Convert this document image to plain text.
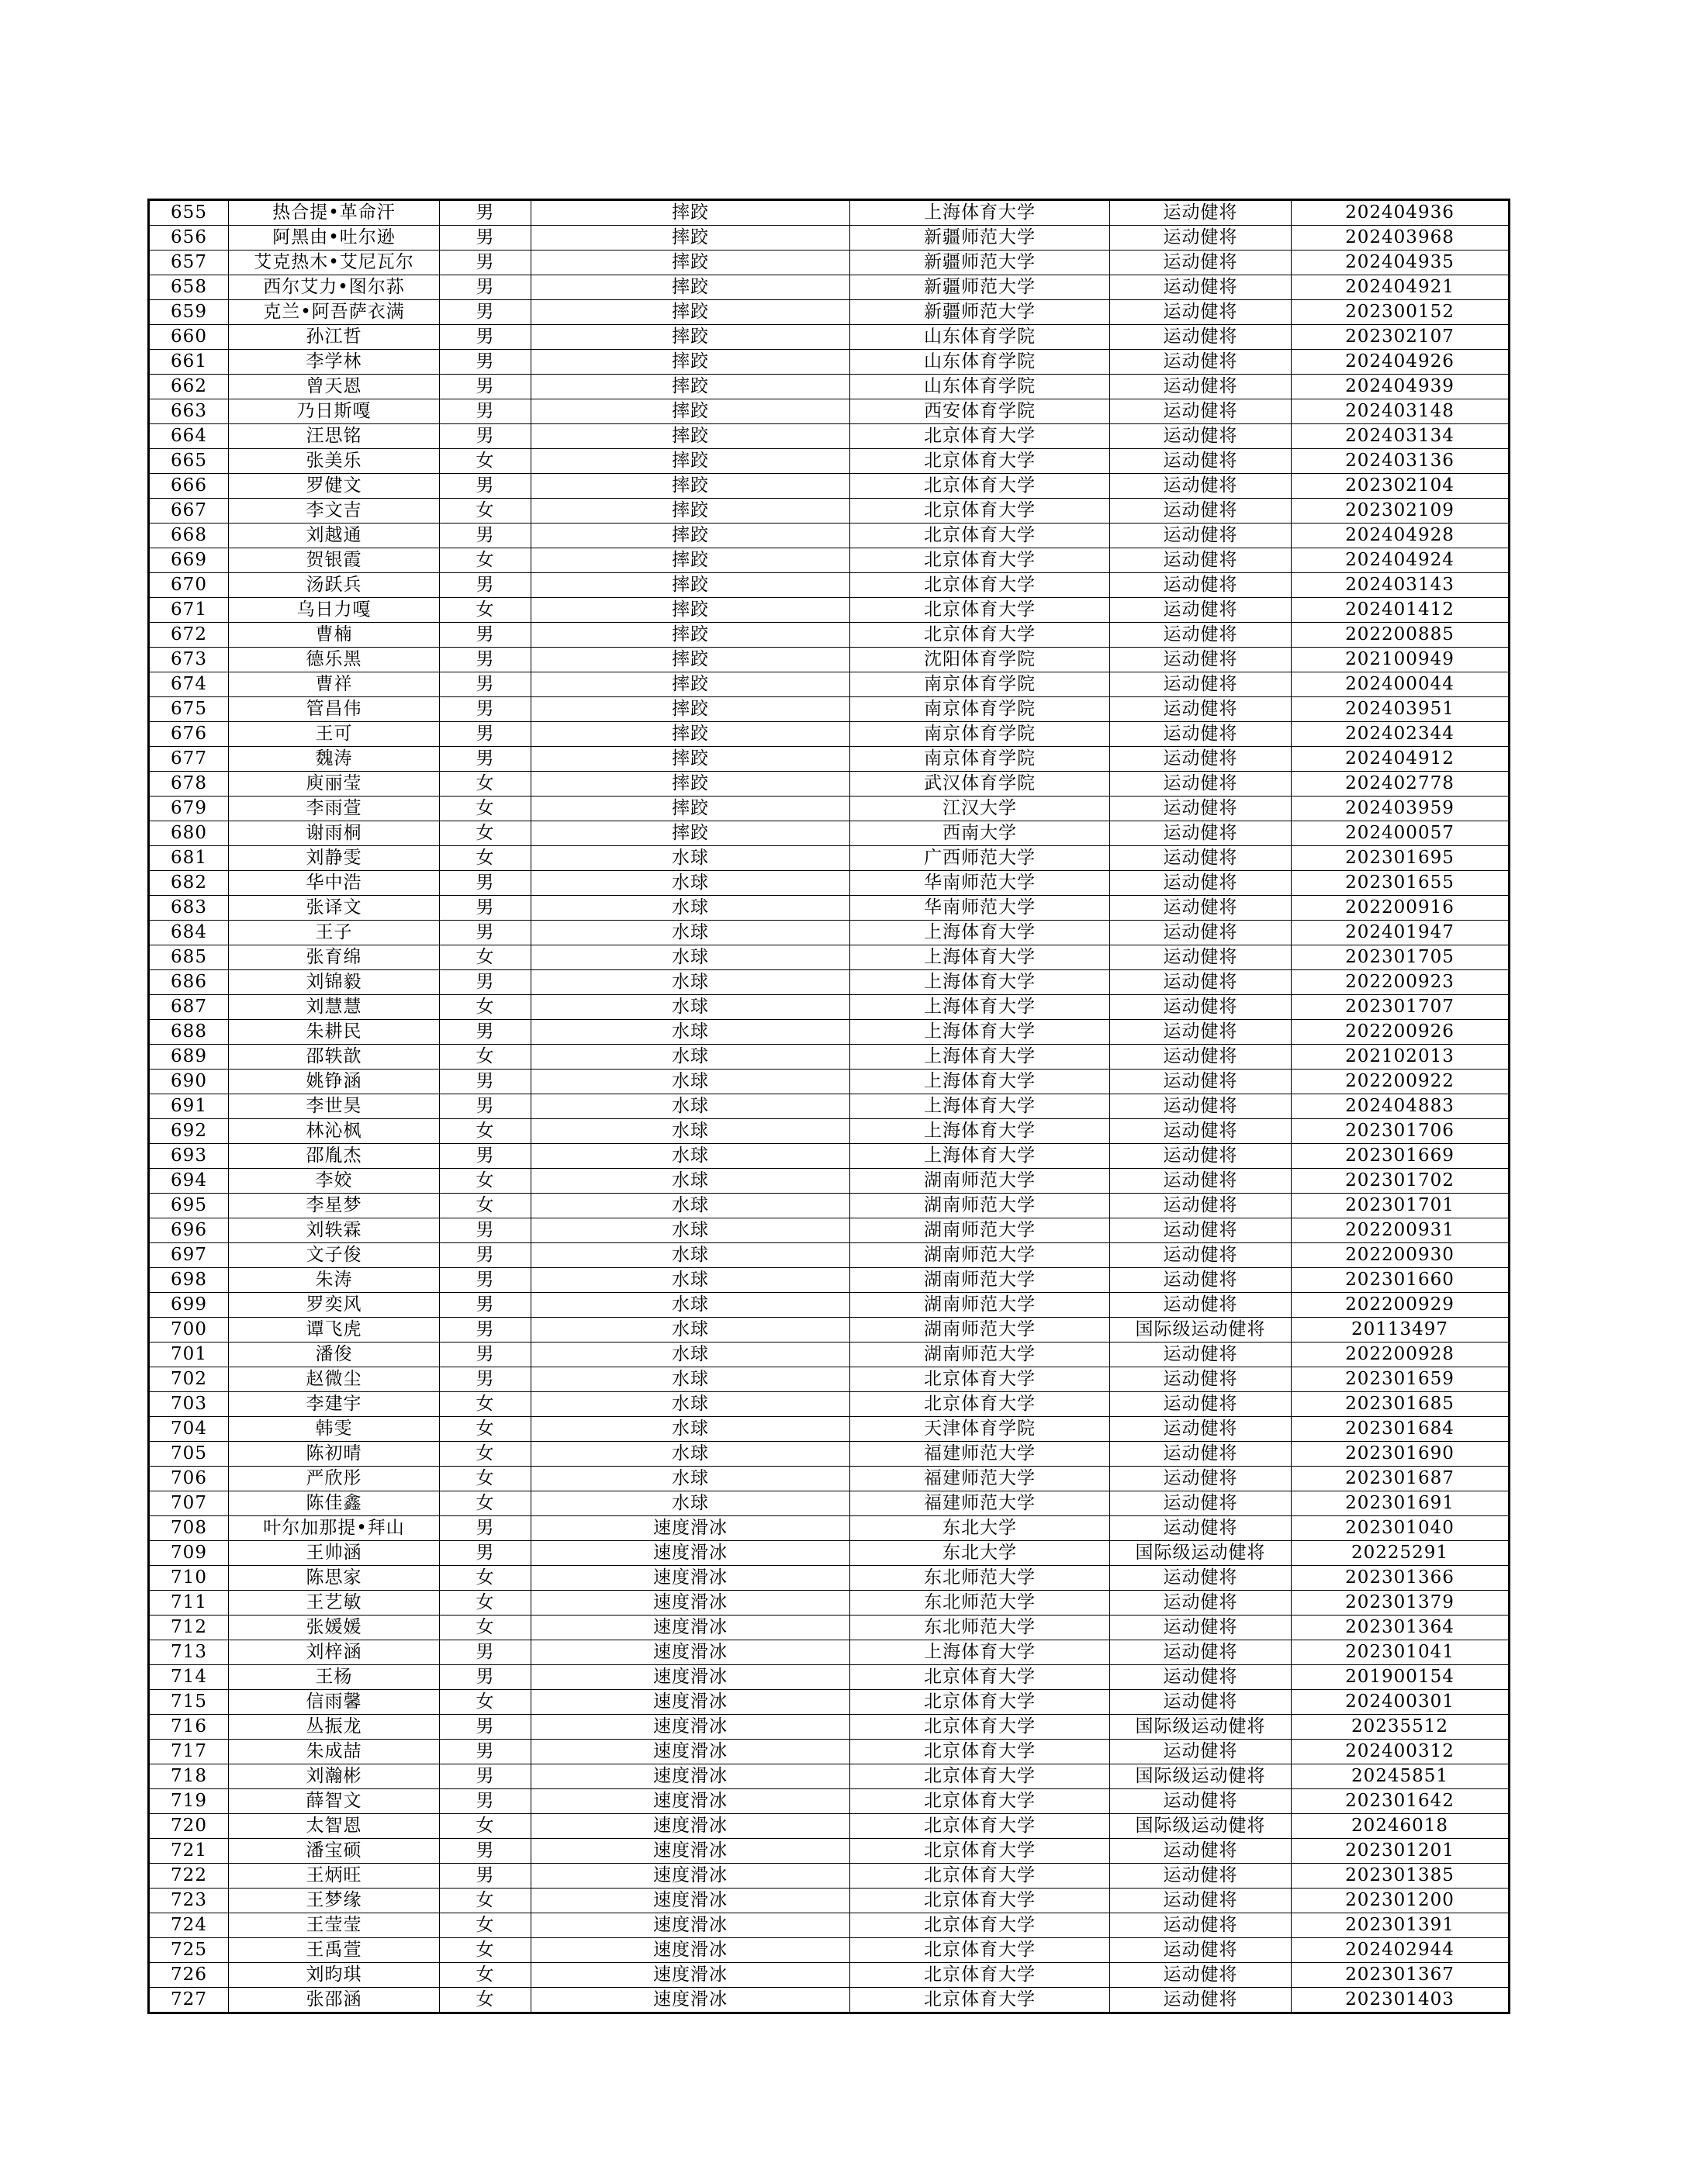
655	热合提•革命汗	男	摔跤	上海体育大学	运动健将	202404936
656	阿黑由•吐尔逊	男	摔跤	新疆师范大学	运动健将	202403968
657	艾克热木•艾尼瓦尔	男	摔跤	新疆师范大学	运动健将	202404935
658	西尔艾力•图尔荪	男	摔跤	新疆师范大学	运动健将	202404921
659	克兰•阿吾萨衣满	男	摔跤	新疆师范大学	运动健将	202300152
660	孙江哲	男	摔跤	山东体育学院	运动健将	202302107
661	李学林	男	摔跤	山东体育学院	运动健将	202404926
662	曾天恩	男	摔跤	山东体育学院	运动健将	202404939
663	乃日斯嘎	男	摔跤	西安体育学院	运动健将	202403148
664	汪思铭	男	摔跤	北京体育大学	运动健将	202403134
665	张美乐	女	摔跤	北京体育大学	运动健将	202403136
666	罗健文	男	摔跤	北京体育大学	运动健将	202302104
667	李文吉	女	摔跤	北京体育大学	运动健将	202302109
668	刘越通	男	摔跤	北京体育大学	运动健将	202404928
669	贺银霞	女	摔跤	北京体育大学	运动健将	202404924
670	汤跃兵	男	摔跤	北京体育大学	运动健将	202403143
671	乌日力嘎	女	摔跤	北京体育大学	运动健将	202401412
672	曹楠	男	摔跤	北京体育大学	运动健将	202200885
673	德乐黑	男	摔跤	沈阳体育学院	运动健将	202100949
674	曹祥	男	摔跤	南京体育学院	运动健将	202400044
675	管昌伟	男	摔跤	南京体育学院	运动健将	202403951
676	王可	男	摔跤	南京体育学院	运动健将	202402344
677	魏涛	男	摔跤	南京体育学院	运动健将	202404912
678	庾丽莹	女	摔跤	武汉体育学院	运动健将	202402778
679	李雨萱	女	摔跤	江汉大学	运动健将	202403959
680	谢雨桐	女	摔跤	西南大学	运动健将	202400057
681	刘静雯	女	水球	广西师范大学	运动健将	202301695
682	华中浩	男	水球	华南师范大学	运动健将	202301655
683	张译文	男	水球	华南师范大学	运动健将	202200916
684	王子	男	水球	上海体育大学	运动健将	202401947
685	张育绵	女	水球	上海体育大学	运动健将	202301705
686	刘锦毅	男	水球	上海体育大学	运动健将	202200923
687	刘慧慧	女	水球	上海体育大学	运动健将	202301707
688	朱耕民	男	水球	上海体育大学	运动健将	202200926
689	邵轶歆	女	水球	上海体育大学	运动健将	202102013
690	姚铮涵	男	水球	上海体育大学	运动健将	202200922
691	李世昊	男	水球	上海体育大学	运动健将	202404883
692	林沁枫	女	水球	上海体育大学	运动健将	202301706
693	邵胤杰	男	水球	上海体育大学	运动健将	202301669
694	李姣	女	水球	湖南师范大学	运动健将	202301702
695	李星梦	女	水球	湖南师范大学	运动健将	202301701
696	刘轶霖	男	水球	湖南师范大学	运动健将	202200931
697	文子俊	男	水球	湖南师范大学	运动健将	202200930
698	朱涛	男	水球	湖南师范大学	运动健将	202301660
699	罗奕风	男	水球	湖南师范大学	运动健将	202200929
700	谭飞虎	男	水球	湖南师范大学	国际级运动健将	20113497
701	潘俊	男	水球	湖南师范大学	运动健将	202200928
702	赵微尘	男	水球	北京体育大学	运动健将	202301659
703	李建宇	女	水球	北京体育大学	运动健将	202301685
704	韩雯	女	水球	天津体育学院	运动健将	202301684
705	陈初晴	女	水球	福建师范大学	运动健将	202301690
706	严欣彤	女	水球	福建师范大学	运动健将	202301687
707	陈佳鑫	女	水球	福建师范大学	运动健将	202301691
708	叶尔加那提•拜山	男	速度滑冰	东北大学	运动健将	202301040
709	王帅涵	男	速度滑冰	东北大学	国际级运动健将	20225291
710	陈思家	女	速度滑冰	东北师范大学	运动健将	202301366
711	王艺敏	女	速度滑冰	东北师范大学	运动健将	202301379
712	张媛媛	女	速度滑冰	东北师范大学	运动健将	202301364
713	刘梓涵	男	速度滑冰	上海体育大学	运动健将	202301041
714	王杨	男	速度滑冰	北京体育大学	运动健将	201900154
715	信雨馨	女	速度滑冰	北京体育大学	运动健将	202400301
716	丛振龙	男	速度滑冰	北京体育大学	国际级运动健将	20235512
717	朱成喆	男	速度滑冰	北京体育大学	运动健将	202400312
718	刘瀚彬	男	速度滑冰	北京体育大学	国际级运动健将	20245851
719	薛智文	男	速度滑冰	北京体育大学	运动健将	202301642
720	太智恩	女	速度滑冰	北京体育大学	国际级运动健将	20246018
721	潘宝硕	男	速度滑冰	北京体育大学	运动健将	202301201
722	王炳旺	男	速度滑冰	北京体育大学	运动健将	202301385
723	王梦缘	女	速度滑冰	北京体育大学	运动健将	202301200
724	王莹莹	女	速度滑冰	北京体育大学	运动健将	202301391
725	王禹萱	女	速度滑冰	北京体育大学	运动健将	202402944
726	刘昀琪	女	速度滑冰	北京体育大学	运动健将	202301367
727	张邵涵	女	速度滑冰	北京体育大学	运动健将	202301403
